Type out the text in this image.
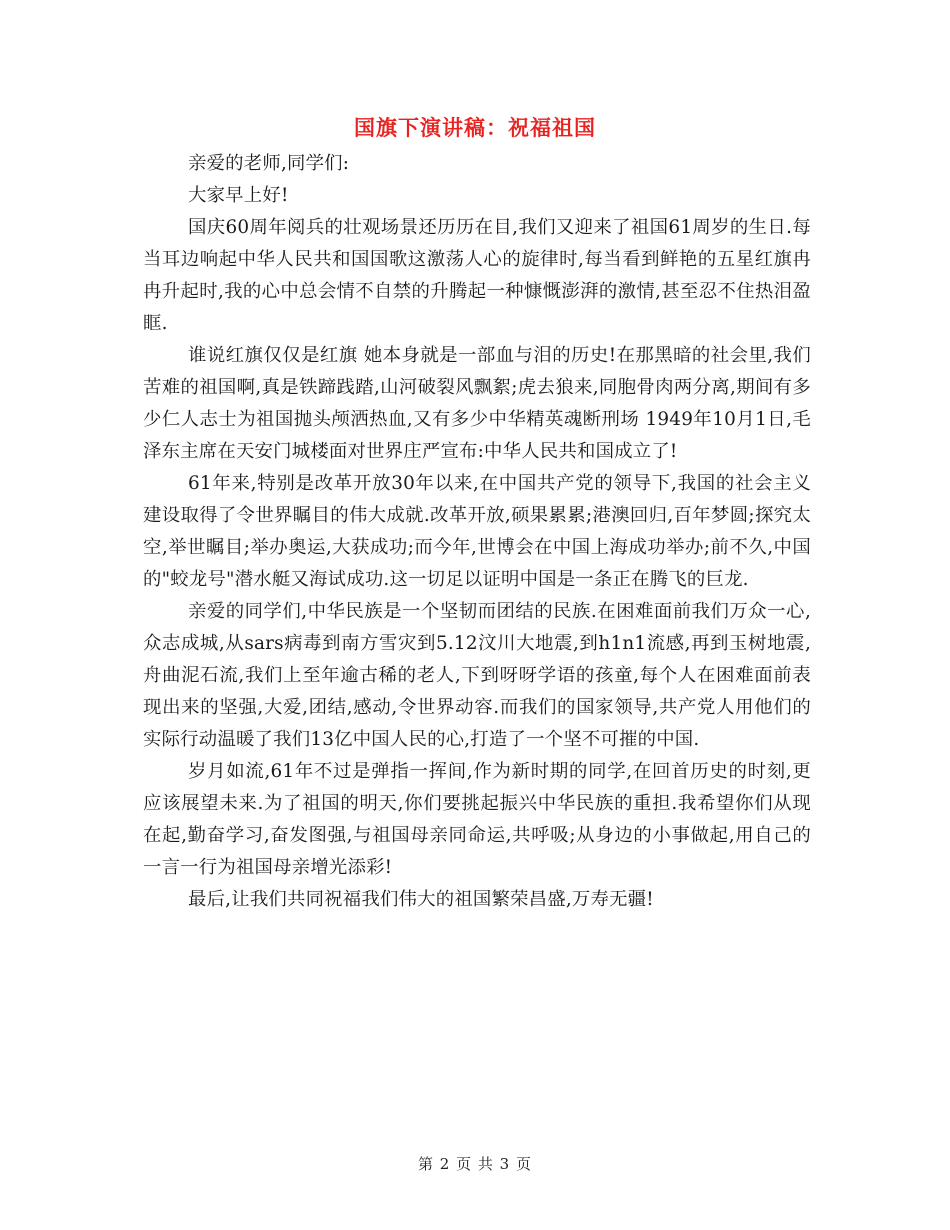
国旗下演讲稿：祝福祖国

亲爱的老师,同学们:

大家早上好!

国庆60周年阅兵的壮观场景还历历在目,我们又迎来了祖国61周岁的生日.每当耳边响起中华人民共和国国歌这激荡人心的旋律时,每当看到鲜艳的五星红旗冉冉升起时,我的心中总会情不自禁的升腾起一种慷慨澎湃的激情,甚至忍不住热泪盈眶.

谁说红旗仅仅是红旗 她本身就是一部血与泪的历史!在那黑暗的社会里,我们苦难的祖国啊,真是铁蹄践踏,山河破裂风飘絮;虎去狼来,同胞骨肉两分离,期间有多少仁人志士为祖国抛头颅洒热血,又有多少中华精英魂断刑场 1949年10月1日,毛泽东主席在天安门城楼面对世界庄严宣布:中华人民共和国成立了!

61年来,特别是改革开放30年以来,在中国共产党的领导下,我国的社会主义建设取得了令世界瞩目的伟大成就.改革开放,硕果累累;港澳回归,百年梦圆;探究太空,举世瞩目;举办奥运,大获成功;而今年,世博会在中国上海成功举办;前不久,中国的"蛟龙号"潜水艇又海试成功.这一切足以证明中国是一条正在腾飞的巨龙.

亲爱的同学们,中华民族是一个坚韧而团结的民族.在困难面前我们万众一心,众志成城,从sars病毒到南方雪灾到5.12汶川大地震,到h1n1流感,再到玉树地震,舟曲泥石流,我们上至年逾古稀的老人,下到呀呀学语的孩童,每个人在困难面前表现出来的坚强,大爱,团结,感动,令世界动容.而我们的国家领导,共产党人用他们的实际行动温暖了我们13亿中国人民的心,打造了一个坚不可摧的中国.

岁月如流,61年不过是弹指一挥间,作为新时期的同学,在回首历史的时刻,更应该展望未来.为了祖国的明天,你们要挑起振兴中华民族的重担.我希望你们从现在起,勤奋学习,奋发图强,与祖国母亲同命运,共呼吸;从身边的小事做起,用自己的一言一行为祖国母亲增光添彩!

最后,让我们共同祝福我们伟大的祖国繁荣昌盛,万寿无疆!

第 2 页 共 3 页
